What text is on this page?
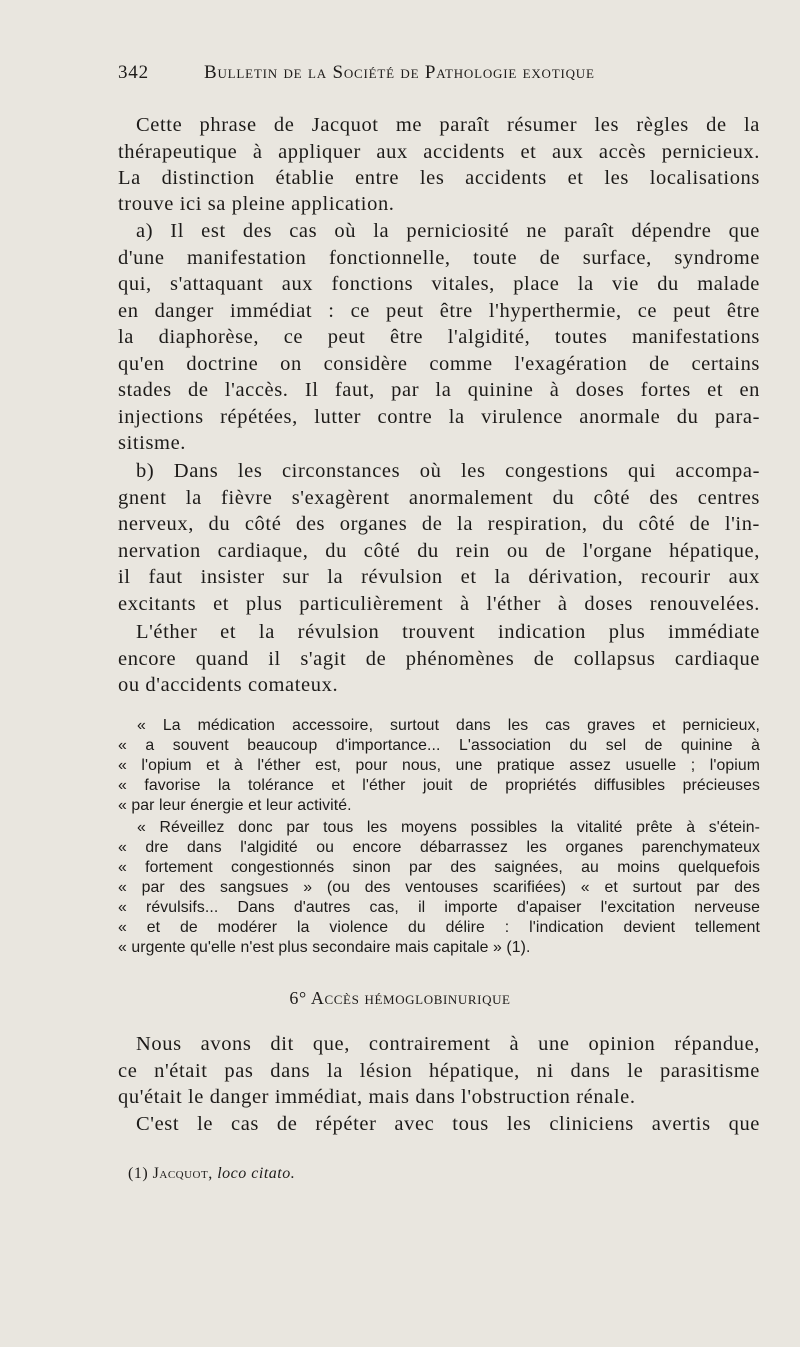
342	Bulletin de la Société de Pathologie exotique
Cette phrase de Jacquot me paraît résumer les règles de la
thérapeutique à appliquer aux accidents et aux accès pernicieux.
La distinction établie entre les accidents et les localisations
trouve ici sa pleine application.
a) Il est des cas où la perniciosité ne paraît dépendre que
d'une manifestation fonctionnelle, toute de surface, syndrome
qui, s'attaquant aux fonctions vitales, place la vie du malade
en danger immédiat : ce peut être l'hyperthermie, ce peut être
la diaphorèse, ce peut être l'algidité, toutes manifestations
qu'en doctrine on considère comme l'exagération de certains
stades de l'accès. Il faut, par la quinine à doses fortes et en
injections répétées, lutter contre la virulence anormale du para-
sitisme.
b) Dans les circonstances où les congestions qui accompa-
gnent la fièvre s'exagèrent anormalement du côté des centres
nerveux, du côté des organes de la respiration, du côté de l'in-
nervation cardiaque, du côté du rein ou de l'organe hépatique,
il faut insister sur la révulsion et la dérivation, recourir aux
excitants et plus particulièrement à l'éther à doses renouvelées.
L'éther et la révulsion trouvent indication plus immédiate
encore quand il s'agit de phénomènes de collapsus cardiaque
ou d'accidents comateux.
« La médication accessoire, surtout dans les cas graves et pernicieux,
« a souvent beaucoup d'importance... L'association du sel de quinine à
« l'opium et à l'éther est, pour nous, une pratique assez usuelle ; l'opium
« favorise la tolérance et l'éther jouit de propriétés diffusibles précieuses
« par leur énergie et leur activité.
« Réveillez donc par tous les moyens possibles la vitalité prête à s'étein-
« dre dans l'algidité ou encore débarrassez les organes parenchymateux
« fortement congestionnés sinon par des saignées, au moins quelquefois
« par des sangsues » (ou des ventouses scarifiées) « et surtout par des
« révulsifs... Dans d'autres cas, il importe d'apaiser l'excitation nerveuse
« et de modérer la violence du délire : l'indication devient tellement
« urgente qu'elle n'est plus secondaire mais capitale » (1).
6° Accès hémoglobinurique
Nous avons dit que, contrairement à une opinion répandue,
ce n'était pas dans la lésion hépatique, ni dans le parasitisme
qu'était le danger immédiat, mais dans l'obstruction rénale.
C'est le cas de répéter avec tous les cliniciens avertis que
(1) Jacquot, loco citato.
